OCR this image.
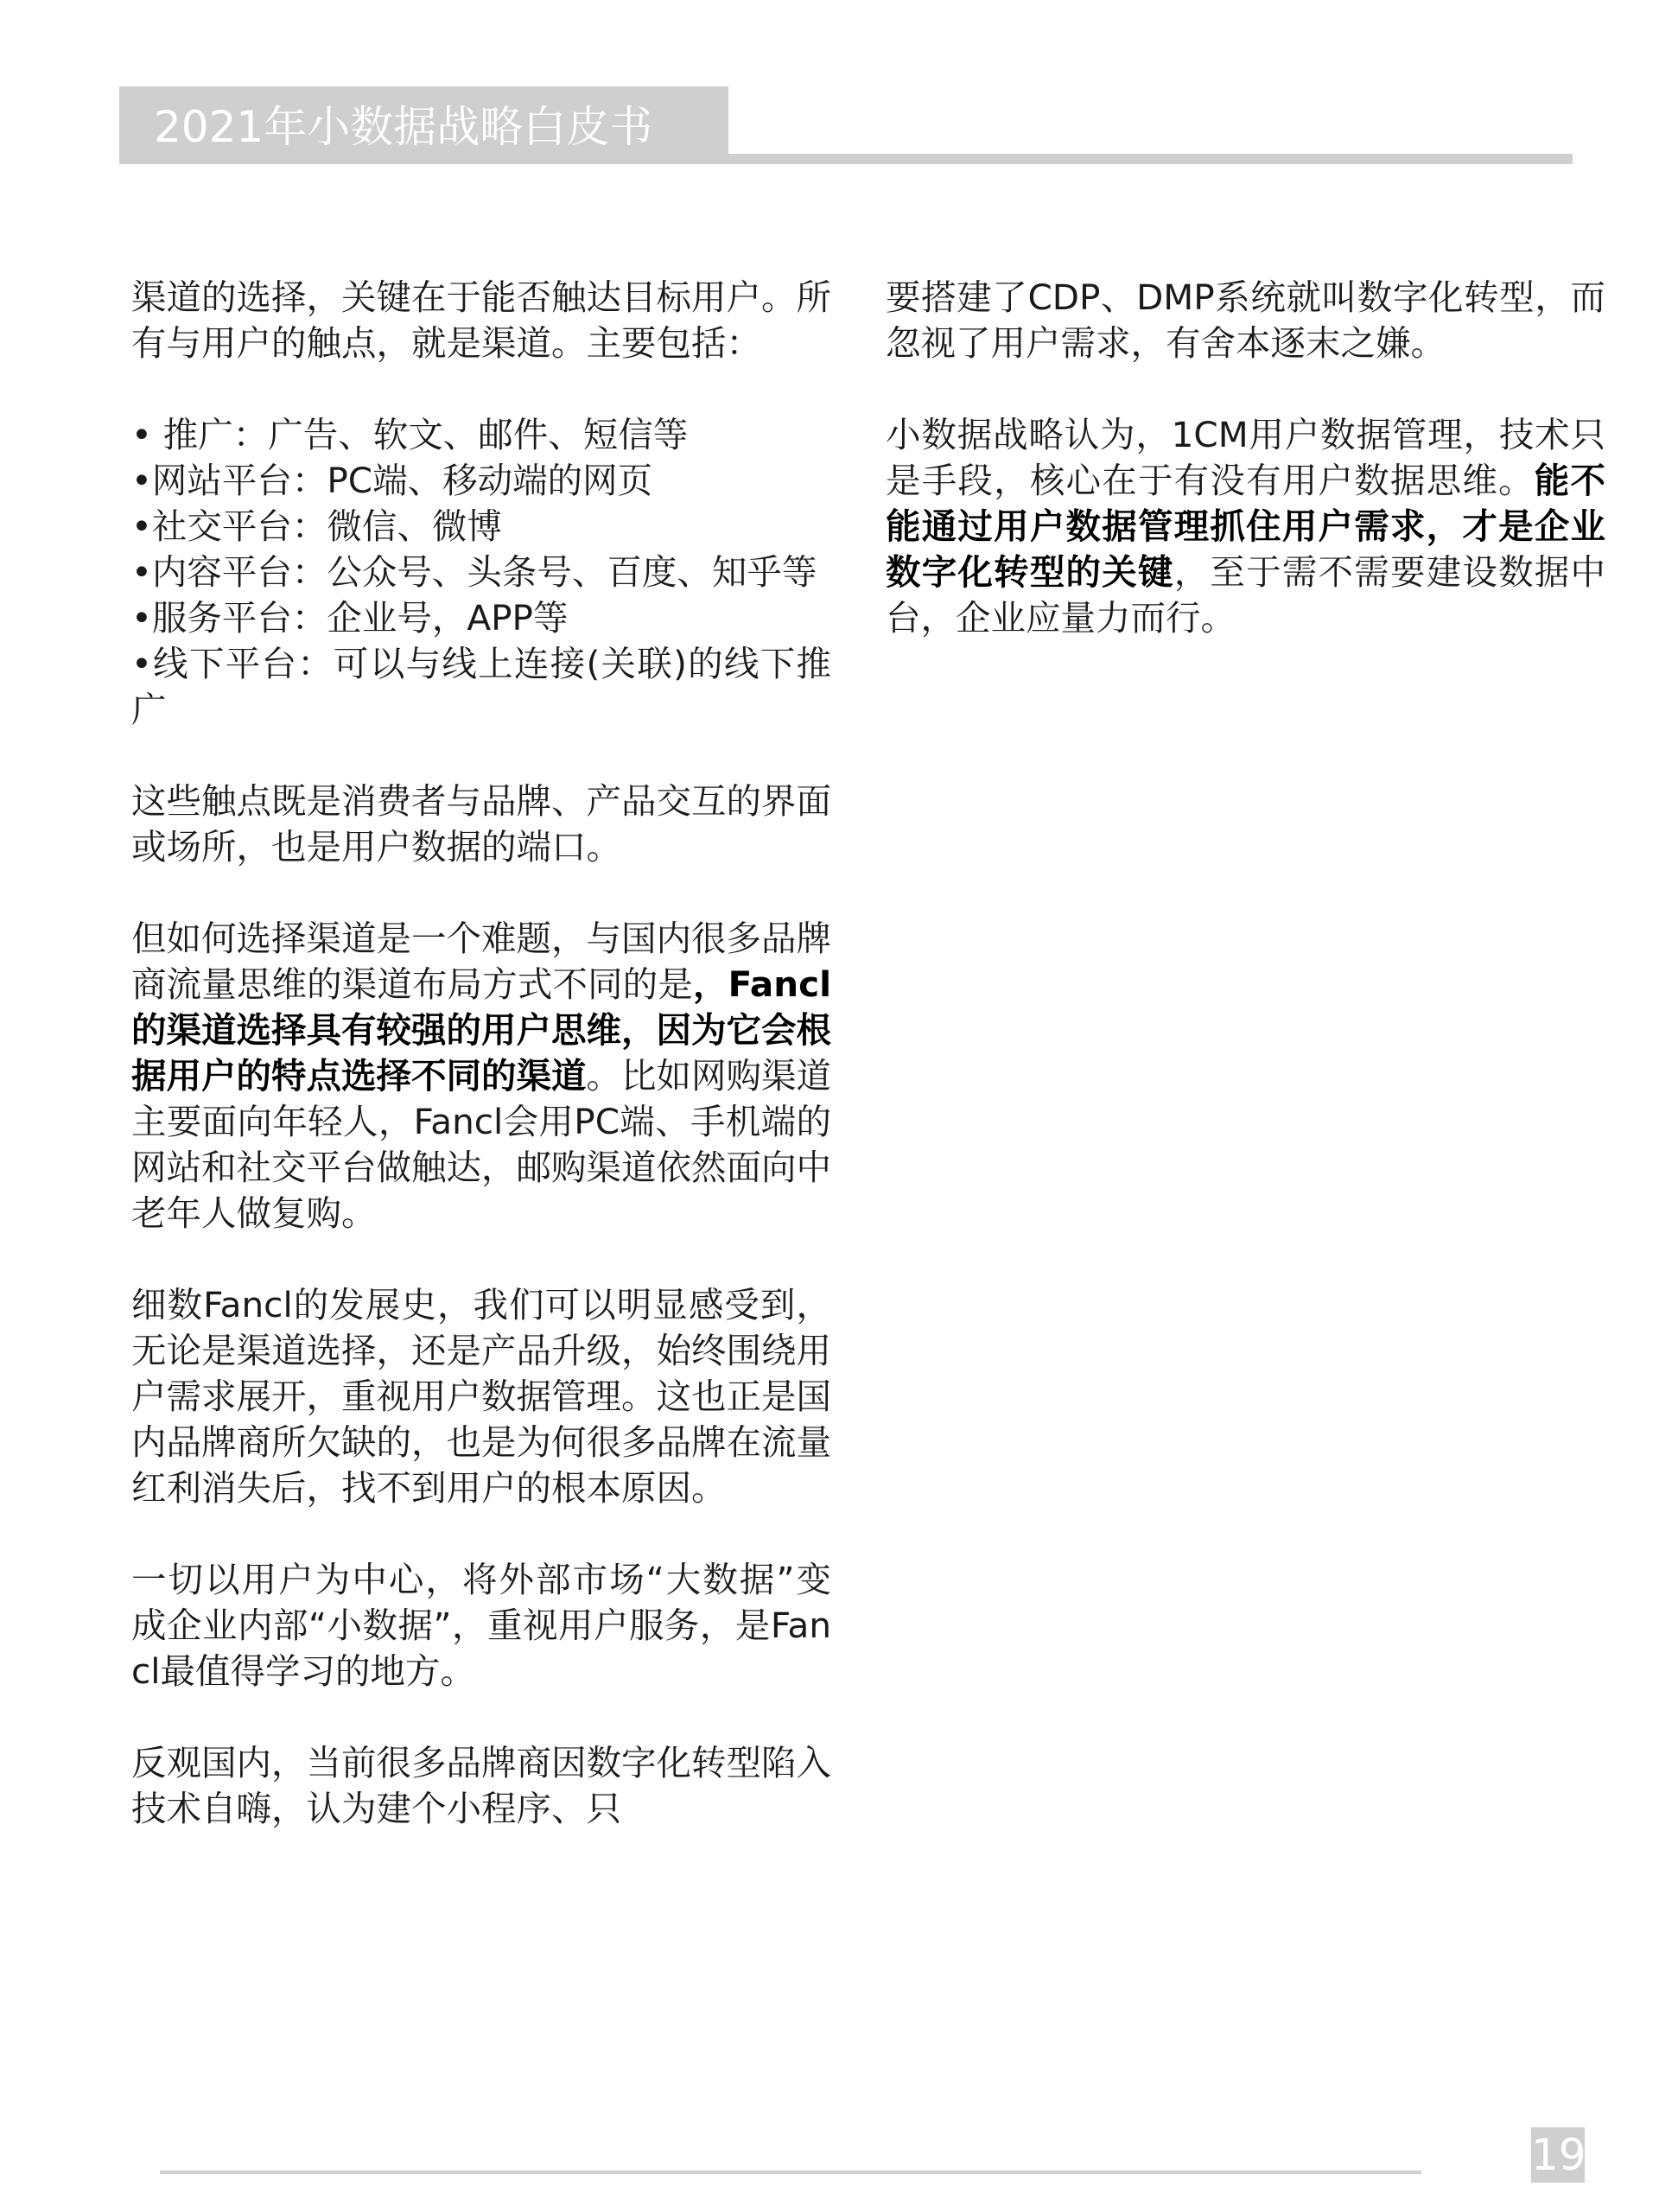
2021年小数据战略白皮书

渠道的选择，关键在于能否触达目标用户。所有与用户的触点，就是渠道。主要包括：

• 推广：广告、软文、邮件、短信等
•网站平台：PC端、移动端的网页
•社交平台：微信、微博
•内容平台：公众号、头条号、百度、知乎等
•服务平台：企业号，APP等
•线下平台：可以与线上连接(关联)的线下推广

这些触点既是消费者与品牌、产品交互的界面或场所，也是用户数据的端口。

但如何选择渠道是一个难题，与国内很多品牌商流量思维的渠道布局方式不同的是，Fancl的渠道选择具有较强的用户思维，因为它会根据用户的特点选择不同的渠道。比如网购渠道主要面向年轻人，Fancl会用PC端、手机端的网站和社交平台做触达，邮购渠道依然面向中老年人做复购。

细数Fancl的发展史，我们可以明显感受到，无论是渠道选择，还是产品升级，始终围绕用户需求展开，重视用户数据管理。这也正是国内品牌商所欠缺的，也是为何很多品牌在流量红利消失后，找不到用户的根本原因。

一切以用户为中心，将外部市场“大数据”变成企业内部“小数据”，重视用户服务，是Fancl最值得学习的地方。

反观国内，当前很多品牌商因数字化转型陷入技术自嗨，认为建个小程序、只

要搭建了CDP、DMP系统就叫数字化转型，而忽视了用户需求，有舍本逐末之嫌。

小数据战略认为，1CM用户数据管理，技术只是手段，核心在于有没有用户数据思维。能不能通过用户数据管理抓住用户需求，才是企业数字化转型的关键，至于需不需要建设数据中台，企业应量力而行。

19
